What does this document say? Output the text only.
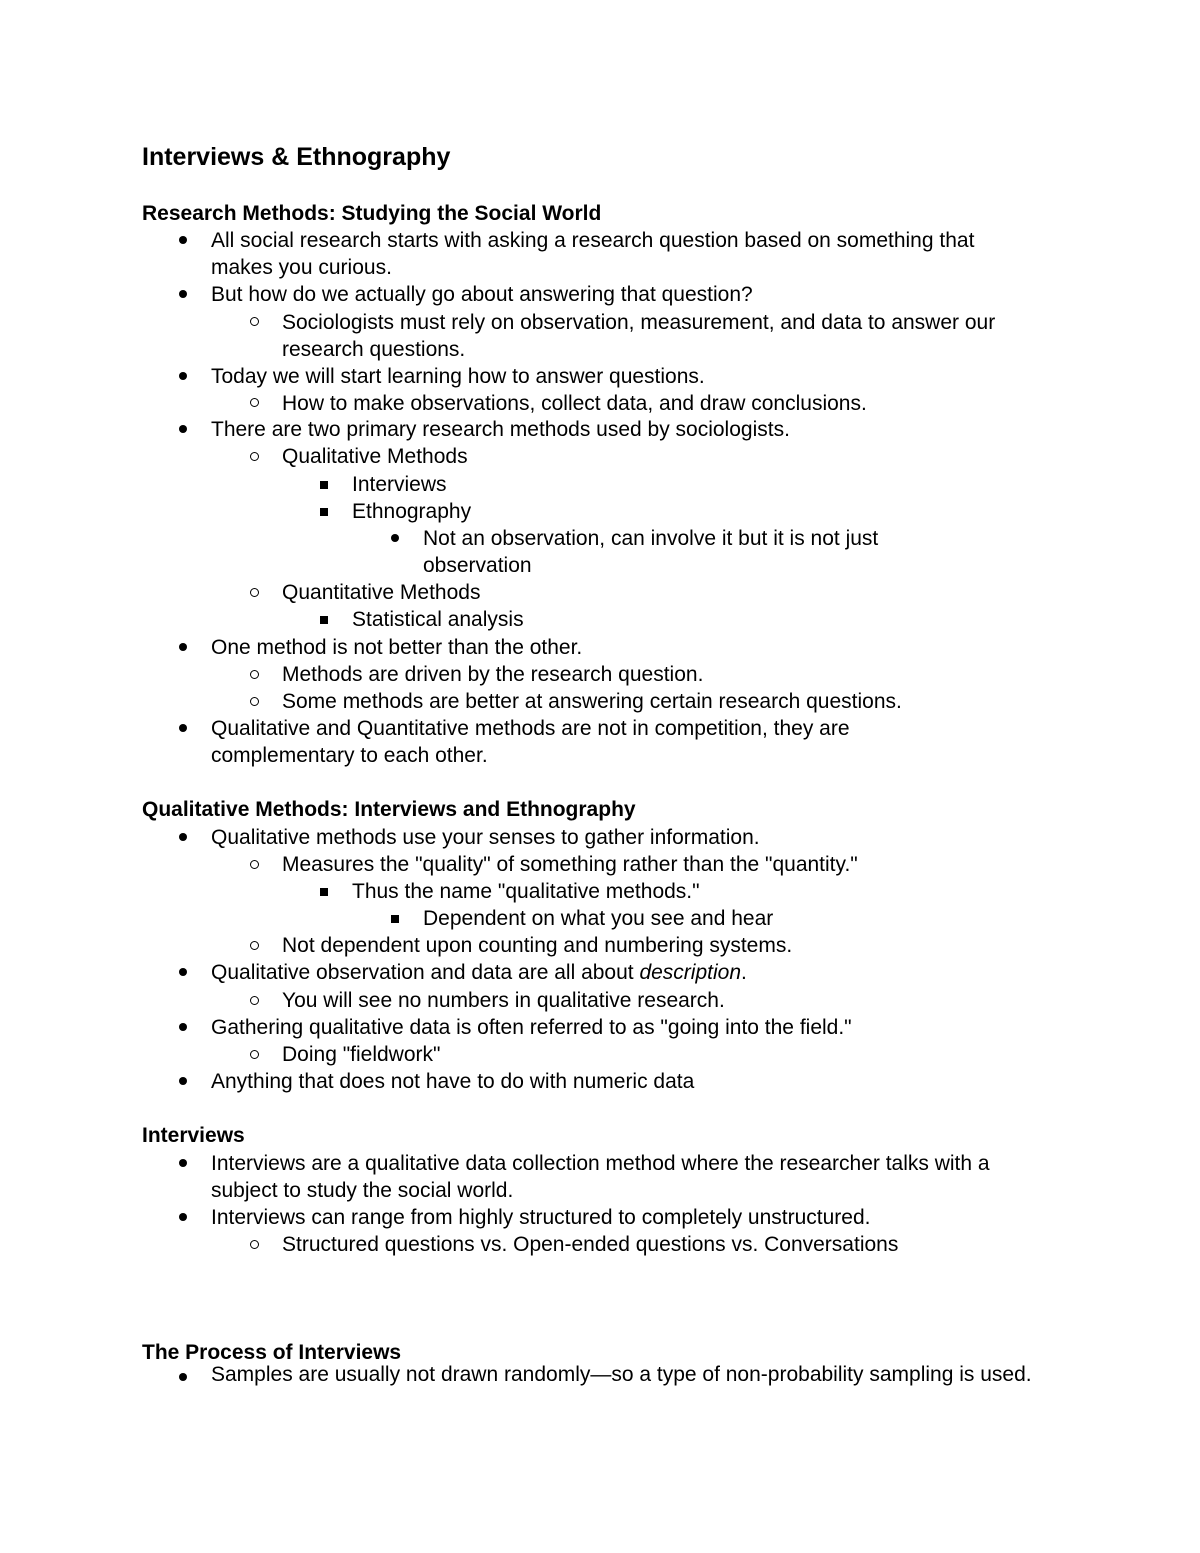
Interviews & Ethnography
Research Methods: Studying the Social World

All social research starts with asking a research question based on something that makes you curious.

But how do we actually go about answering that question?

Sociologists must rely on observation, measurement, and data to answer our research questions.

Today we will start learning how to answer questions.

How to make observations, collect data, and draw conclusions.

There are two primary research methods used by sociologists.

Qualitative Methods

Interviews

Ethnography

Not an observation, can involve it but it is not just observation

Quantitative Methods

Statistical analysis

One method is not better than the other.

Methods are driven by the research question.

Some methods are better at answering certain research questions.

Qualitative and Quantitative methods are not in competition, they are complementary to each other.

Qualitative Methods: Interviews and Ethnography

Qualitative methods use your senses to gather information.

Measures the "quality" of something rather than the "quantity."

Thus the name "qualitative methods."

Dependent on what you see and hear

Not dependent upon counting and numbering systems.

Qualitative observation and data are all about description.

You will see no numbers in qualitative research.

Gathering qualitative data is often referred to as "going into the field."

Doing "fieldwork"

Anything that does not have to do with numeric data

Interviews

Interviews are a qualitative data collection method where the researcher talks with a subject to study the social world.

Interviews can range from highly structured to completely unstructured.

Structured questions vs. Open-ended questions vs. Conversations

The Process of Interviews

Samples are usually not drawn randomly—so a type of non-probability sampling is used.
